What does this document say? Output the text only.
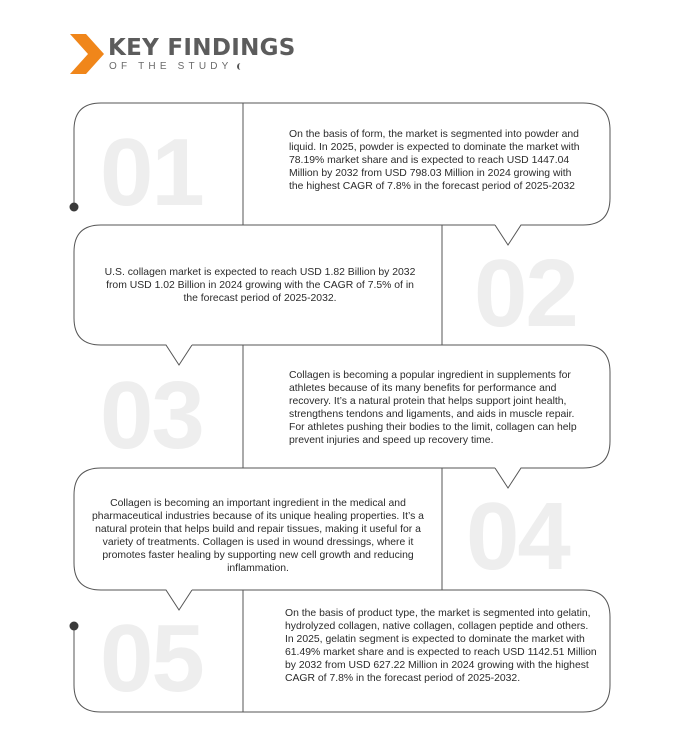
KEY FINDINGS
OF THE STUDY
01
02
03
04
05
On the basis of form, the market is segmented into powder and liquid. In 2025, powder is expected to dominate the market with 78.19% market share and is expected to reach USD 1447.04 Million by 2032 from USD 798.03 Million in 2024 growing with the highest CAGR of 7.8% in the forecast period of 2025-2032
U.S. collagen market is expected to reach USD 1.82 Billion by 2032 from USD 1.02 Billion in 2024 growing with the CAGR of 7.5% of in the forecast period of 2025-2032.
Collagen is becoming a popular ingredient in supplements for athletes because of its many benefits for performance and recovery. It’s a natural protein that helps support joint health, strengthens tendons and ligaments, and aids in muscle repair. For athletes pushing their bodies to the limit, collagen can help prevent injuries and speed up recovery time.
Collagen is becoming an important ingredient in the medical and pharmaceutical industries because of its unique healing properties. It’s a natural protein that helps build and repair tissues, making it useful for a variety of treatments. Collagen is used in wound dressings, where it promotes faster healing by supporting new cell growth and reducing inflammation.
On the basis of product type, the market is segmented into gelatin, hydrolyzed collagen, native collagen, collagen peptide and others. In 2025, gelatin segment is expected to dominate the market with 61.49% market share and is expected to reach USD 1142.51 Million by 2032 from USD 627.22 Million in 2024 growing with the highest CAGR of 7.8% in the forecast period of 2025-2032.
